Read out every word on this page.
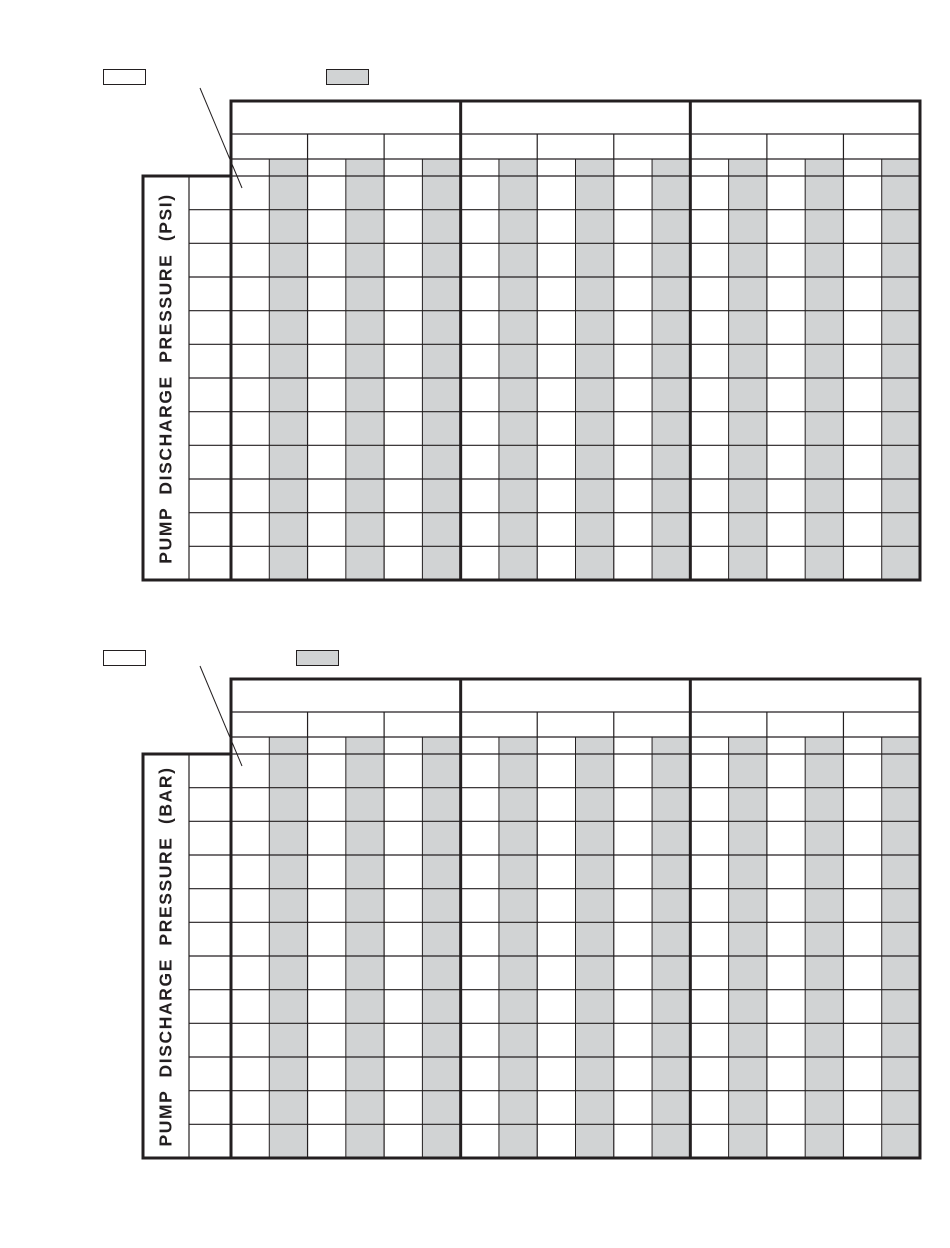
PUMP DISCHARGE PRESSURE (PSI)
PUMP DISCHARGE PRESSURE (BAR)
